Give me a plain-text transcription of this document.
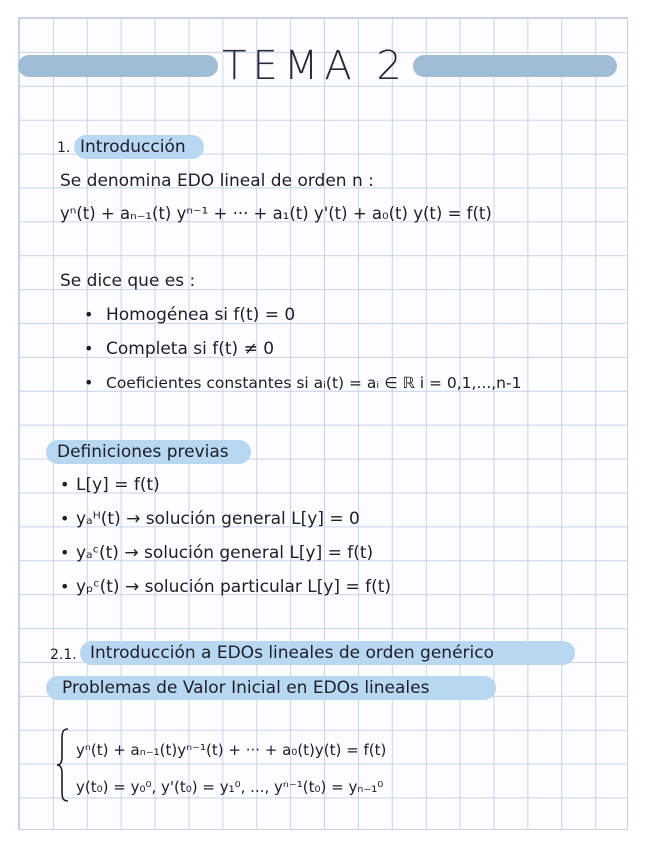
TEMA 2
1. Introducción
Se denomina EDO lineal de orden n :
yⁿ(t) + aₙ₋₁(t) yⁿ⁻¹ + ··· + a₁(t) y'(t) + a₀(t) y(t) = f(t)
Se dice que es :
• Homogénea si f(t) = 0
• Completa si f(t) ≠ 0
• Coeficientes constantes si aᵢ(t) = aᵢ ∈ ℝ i = 0,1,...,n-1
Definiciones previas
• L[y] = f(t)
• yₐᴴ(t) → solución general L[y] = 0
• yₐᶜ(t) → solución general L[y] = f(t)
• yₚᶜ(t) → solución particular L[y] = f(t)
2.1. Introducción a EDOs lineales de orden genérico
Problemas de Valor Inicial en EDOs lineales
yⁿ(t) + aₙ₋₁(t)yⁿ⁻¹(t) + ··· + a₀(t)y(t) = f(t)
y(t₀) = y₀⁰, y'(t₀) = y₁⁰, ..., yⁿ⁻¹(t₀) = yₙ₋₁⁰
